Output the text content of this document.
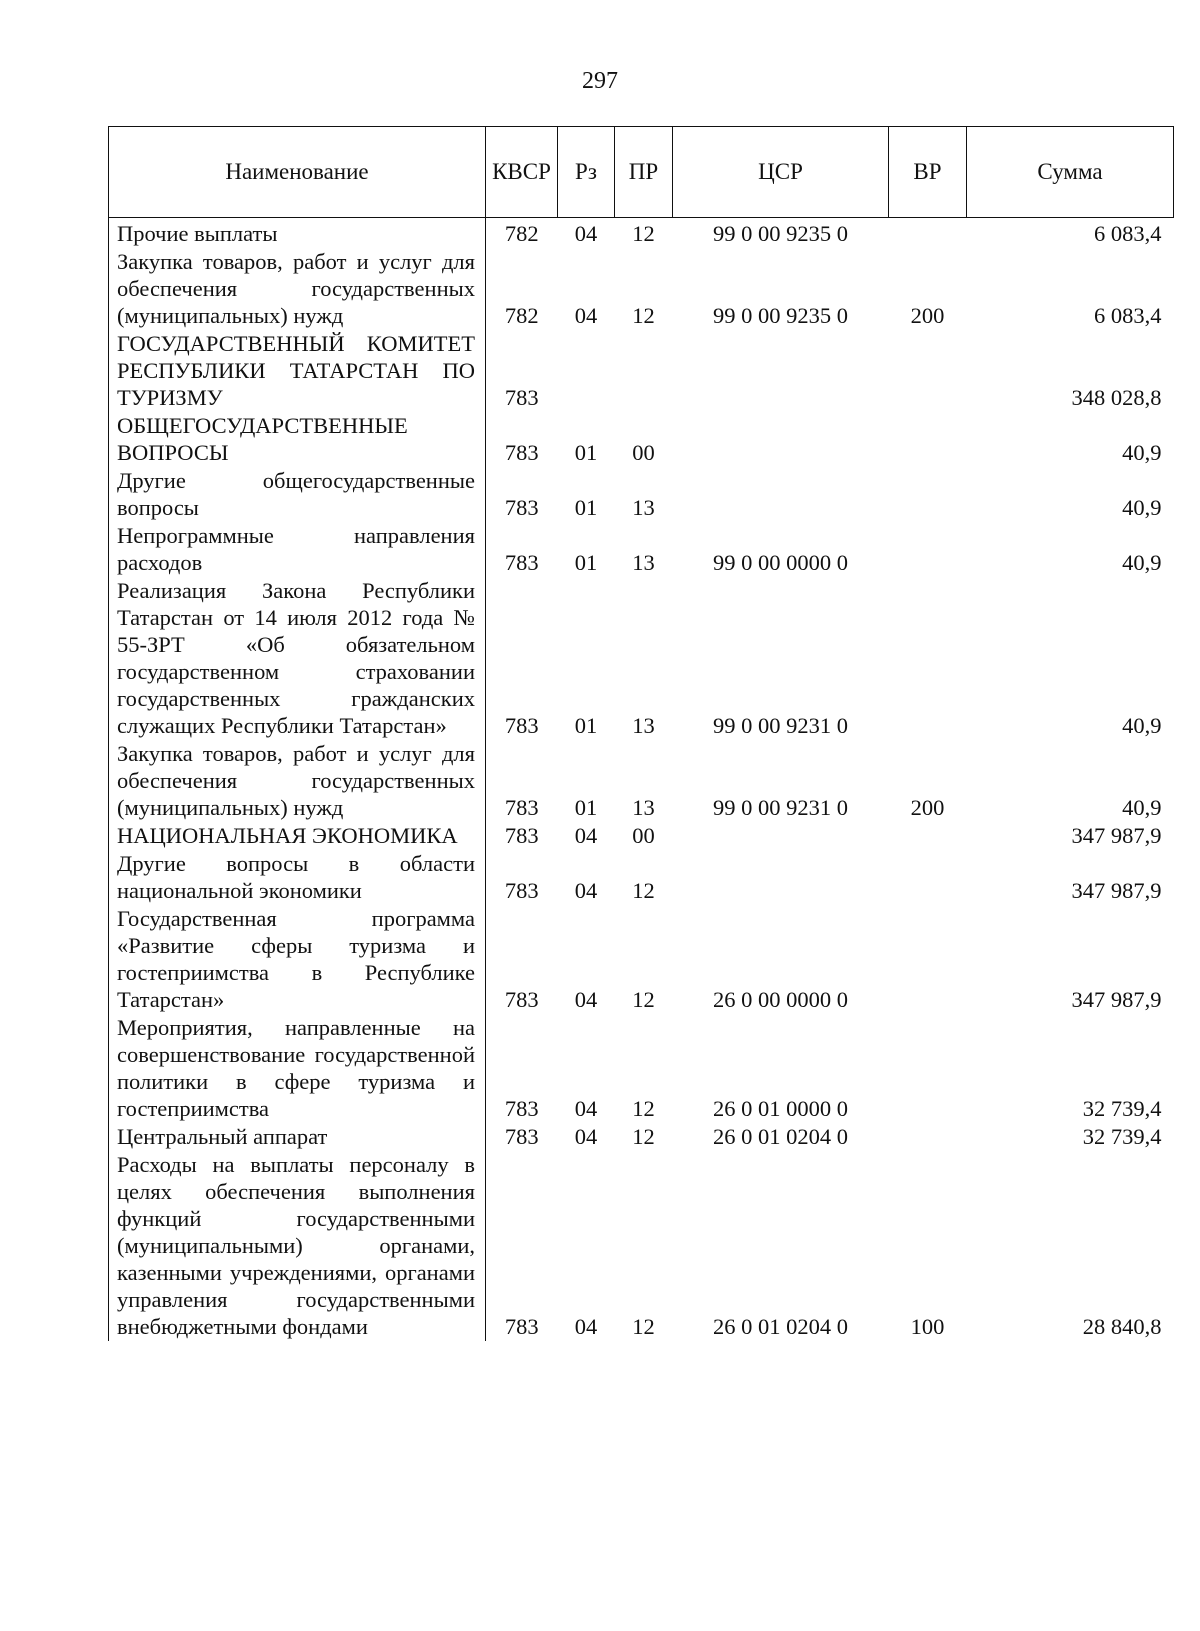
297
Наименование	КВСР	Рз	ПР	ЦСР	ВР	Сумма
Прочие выплаты	782	04	12	99 0 00 9235 0		6 083,4
Закупка товаров, работ и услуг для обеспечения государственных (муниципальных) нужд	782	04	12	99 0 00 9235 0	200	6 083,4
ГОСУДАРСТВЕННЫЙ КОМИТЕТ РЕСПУБЛИКИ ТАТАРСТАН ПО ТУРИЗМУ	783					348 028,8
ОБЩЕГОСУДАРСТВЕННЫЕ ВОПРОСЫ	783	01	00			40,9
Другие общегосударственные вопросы	783	01	13			40,9
Непрограммные направления расходов	783	01	13	99 0 00 0000 0		40,9
Реализация Закона Республики Татарстан от 14 июля 2012 года № 55-ЗРТ «Об обязательном государственном страховании государственных гражданских служащих Республики Татарстан»	783	01	13	99 0 00 9231 0		40,9
Закупка товаров, работ и услуг для обеспечения государственных (муниципальных) нужд	783	01	13	99 0 00 9231 0	200	40,9
НАЦИОНАЛЬНАЯ ЭКОНОМИКА	783	04	00			347 987,9
Другие вопросы в области национальной экономики	783	04	12			347 987,9
Государственная программа «Развитие сферы туризма и гостеприимства в Республике Татарстан»	783	04	12	26 0 00 0000 0		347 987,9
Мероприятия, направленные на совершенствование государственной политики в сфере туризма и гостеприимства	783	04	12	26 0 01 0000 0		32 739,4
Центральный аппарат	783	04	12	26 0 01 0204 0		32 739,4
Расходы на выплаты персоналу в целях обеспечения выполнения функций государственными (муниципальными) органами, казенными учреждениями, органами управления государственными внебюджетными фондами	783	04	12	26 0 01 0204 0	100	28 840,8
